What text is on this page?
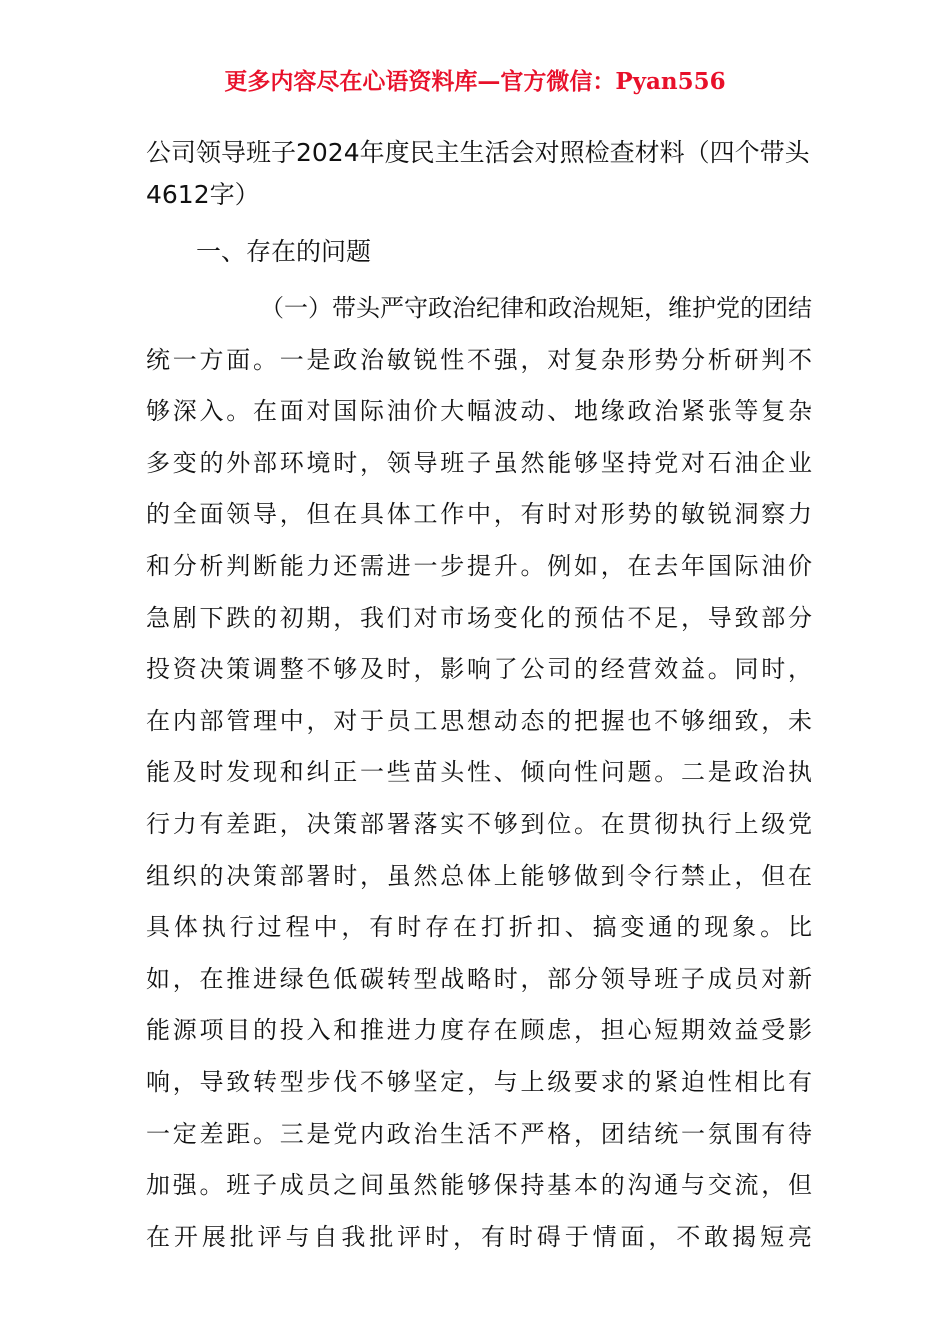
更多内容尽在心语资料库—官方微信：Pyan556
公司领导班子2024年度民主生活会对照检查材料（四个带头4612字）
一、存在的问题
（一）带头严守政治纪律和政治规矩，维护党的团结
统一方面。一是政治敏锐性不强，对复杂形势分析研判不
够深入。在面对国际油价大幅波动、地缘政治紧张等复杂
多变的外部环境时，领导班子虽然能够坚持党对石油企业
的全面领导，但在具体工作中，有时对形势的敏锐洞察力
和分析判断能力还需进一步提升。例如，在去年国际油价
急剧下跌的初期，我们对市场变化的预估不足，导致部分
投资决策调整不够及时，影响了公司的经营效益。同时，
在内部管理中，对于员工思想动态的把握也不够细致，未
能及时发现和纠正一些苗头性、倾向性问题。二是政治执
行力有差距，决策部署落实不够到位。在贯彻执行上级党
组织的决策部署时，虽然总体上能够做到令行禁止，但在
具体执行过程中，有时存在打折扣、搞变通的现象。比
如，在推进绿色低碳转型战略时，部分领导班子成员对新
能源项目的投入和推进力度存在顾虑，担心短期效益受影
响，导致转型步伐不够坚定，与上级要求的紧迫性相比有
一定差距。三是党内政治生活不严格，团结统一氛围有待
加强。班子成员之间虽然能够保持基本的沟通与交流，但
在开展批评与自我批评时，有时碍于情面，不敢揭短亮
